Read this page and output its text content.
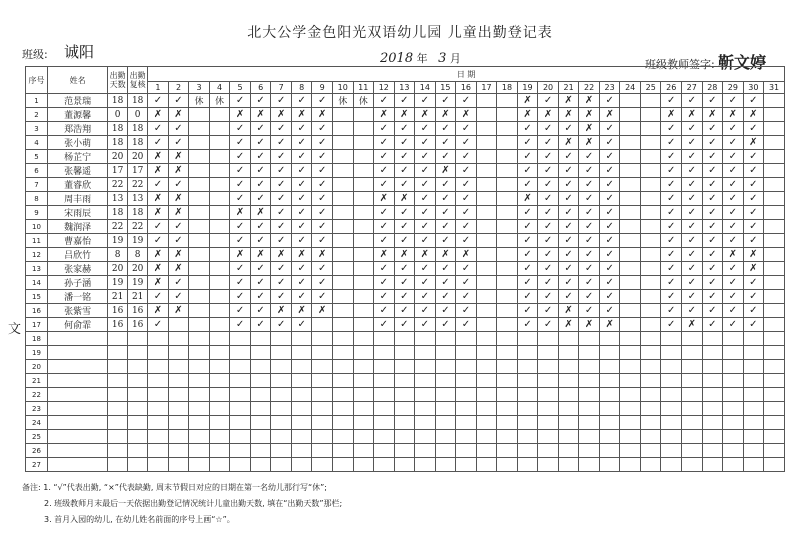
北大公学金色阳光双语幼儿园 儿童出勤登记表
班级: 诚阳	2018 年 3 月	班级教师签字: 靳文婷
文
序号	姓名	出勤天数	出勤复核	日 期																														
				1	2	3	4	5	6	7	8	9	10	11	12	13	14	15	16	17	18	19	20	21	22	23	24	25	26	27	28	29	30	31
1	范景瑞	18	18	✓	✓	休	休	✓	✓	✓	✓	✓	休	休	✓	✓	✓	✓	✓			✗	✓	✗	✗	✓			✓	✓	✓	✓	✓	
2	董源馨	0	0	✗	✗			✗	✗	✗	✗	✗			✗	✗	✗	✗	✗			✗	✗	✗	✗	✗			✗	✗	✗	✗	✗	
3	郑浩翔	18	18	✓	✓			✓	✓	✓	✓	✓			✓	✓	✓	✓	✓			✓	✓	✓	✗	✓			✓	✓	✓	✓	✓	
4	张小萌	18	18	✓	✓			✓	✓	✓	✓	✓			✓	✓	✓	✓	✓			✓	✓	✗	✗	✓			✓	✓	✓	✓	✗	
5	杨芷宁	20	20	✗	✗			✓	✓	✓	✓	✓			✓	✓	✓	✓	✓			✓	✓	✓	✓	✓			✓	✓	✓	✓	✓	
6	张馨遥	17	17	✗	✗			✓	✓	✓	✓	✓			✓	✓	✓	✗	✓			✓	✓	✓	✓	✓			✓	✓	✓	✓	✓	
7	董睿欣	22	22	✓	✓			✓	✓	✓	✓	✓			✓	✓	✓	✓	✓			✓	✓	✓	✓	✓			✓	✓	✓	✓	✓	
8	周丰雨	13	13	✗	✗			✓	✓	✓	✓	✓			✗	✗	✓	✓	✓			✗	✓	✓	✓	✓			✓	✓	✓	✓	✓	
9	宋雨辰	18	18	✗	✗			✗	✗	✓	✓	✓			✓	✓	✓	✓	✓			✓	✓	✓	✓	✓			✓	✓	✓	✓	✓	
10	魏润泽	22	22	✓	✓			✓	✓	✓	✓	✓			✓	✓	✓	✓	✓			✓	✓	✓	✓	✓			✓	✓	✓	✓	✓	
11	曹嘉怡	19	19	✓	✓			✓	✓	✓	✓	✓			✓	✓	✓	✓	✓			✓	✓	✓	✓	✓			✓	✓	✓	✓	✓	
12	吕欣竹	8	8	✗	✗			✗	✗	✗	✗	✗			✗	✗	✗	✗	✗			✓	✓	✓	✓	✓			✓	✓	✓	✗	✗	
13	张家赫	20	20	✗	✗			✓	✓	✓	✓	✓			✓	✓	✓	✓	✓			✓	✓	✓	✓	✓			✓	✓	✓	✓	✗	
14	孙子涵	19	19	✗	✓			✓	✓	✓	✓	✓			✓	✓	✓	✓	✓			✓	✓	✓	✓	✓			✓	✓	✓	✓	✓	
15	潘一铭	21	21	✓	✓			✓	✓	✓	✓	✓			✓	✓	✓	✓	✓			✓	✓	✓	✓	✓			✓	✓	✓	✓	✓	
16	张紫雪	16	16	✗	✗			✓	✓	✗	✗	✗			✓	✓	✓	✓	✓			✓	✓	✗	✓	✓			✓	✓	✓	✓	✓	
17	何俞霏	16	16	✓				✓	✓	✓	✓				✓	✓	✓	✓	✓			✓	✓	✗	✗	✗			✓	✗	✓	✓	✓	
18																																		
19																																		
20																																		
21																																		
22																																		
23																																		
24																																		
25																																		
26																																		
27																																		
备注: 1. “√”代表出勤, “×”代表缺勤, 周末节假日对应的日期在第一名幼儿那行写“休”;
2. 班级教师月末最后一天依据出勤登记情况统计儿童出勤天数, 填在“出勤天数”那栏;
3. 首月入园的幼儿, 在幼儿姓名前面的序号上画“☆”。
